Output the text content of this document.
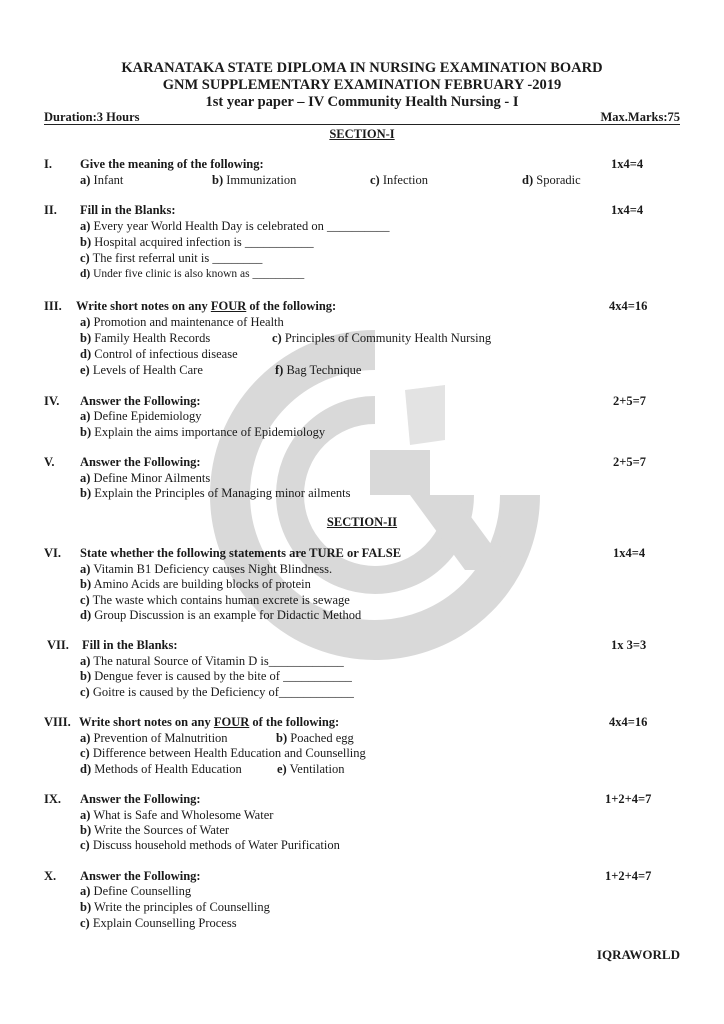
KARANATAKA STATE DIPLOMA IN NURSING EXAMINATION BOARD
GNM SUPPLEMENTARY EXAMINATION FEBRUARY -2019
1st year paper – IV Community Health Nursing - I
Duration:3 Hours	Max.Marks:75
SECTION-I
I. Give the meaning of the following:	1x4=4
a) Infant	b) Immunization	c) Infection	d) Sporadic
II. Fill in the Blanks:	1x4=4
a) Every year World Health Day is celebrated on __________
b) Hospital acquired infection is ___________
c) The first referral unit is ________
d) Under five clinic is also known as _________
III. Write short notes on any FOUR of the following:	4x4=16
a) Promotion and maintenance of Health
b) Family Health Records	c) Principles of Community Health Nursing
d) Control of infectious disease
e) Levels of Health Care	f) Bag Technique
IV. Answer the Following:	2+5=7
a) Define Epidemiology
b) Explain the aims importance of Epidemiology
V. Answer the Following:	2+5=7
a) Define Minor Ailments
b) Explain the Principles of Managing minor ailments
SECTION-II
VI. State whether the following statements are TURE or FALSE	1x4=4
a) Vitamin B1 Deficiency causes Night Blindness.
b) Amino Acids are building blocks of protein
c) The waste which contains human excrete is sewage
d) Group Discussion is an example for Didactic Method
VII. Fill in the Blanks:	1x 3=3
a) The natural Source of Vitamin D is____________
b) Dengue fever is caused by the bite of ___________
c) Goitre is caused by the Deficiency of____________
VIII. Write short notes on any FOUR of the following:	4x4=16
a) Prevention of Malnutrition	b) Poached egg
c) Difference between Health Education and Counselling
d) Methods of Health Education	e) Ventilation
IX. Answer the Following:	1+2+4=7
a) What is Safe and Wholesome Water
b) Write the Sources of Water
c) Discuss household methods of Water Purification
X. Answer the Following:	1+2+4=7
a) Define Counselling
b) Write the principles of Counselling
c) Explain Counselling Process
IQRAWORLD
